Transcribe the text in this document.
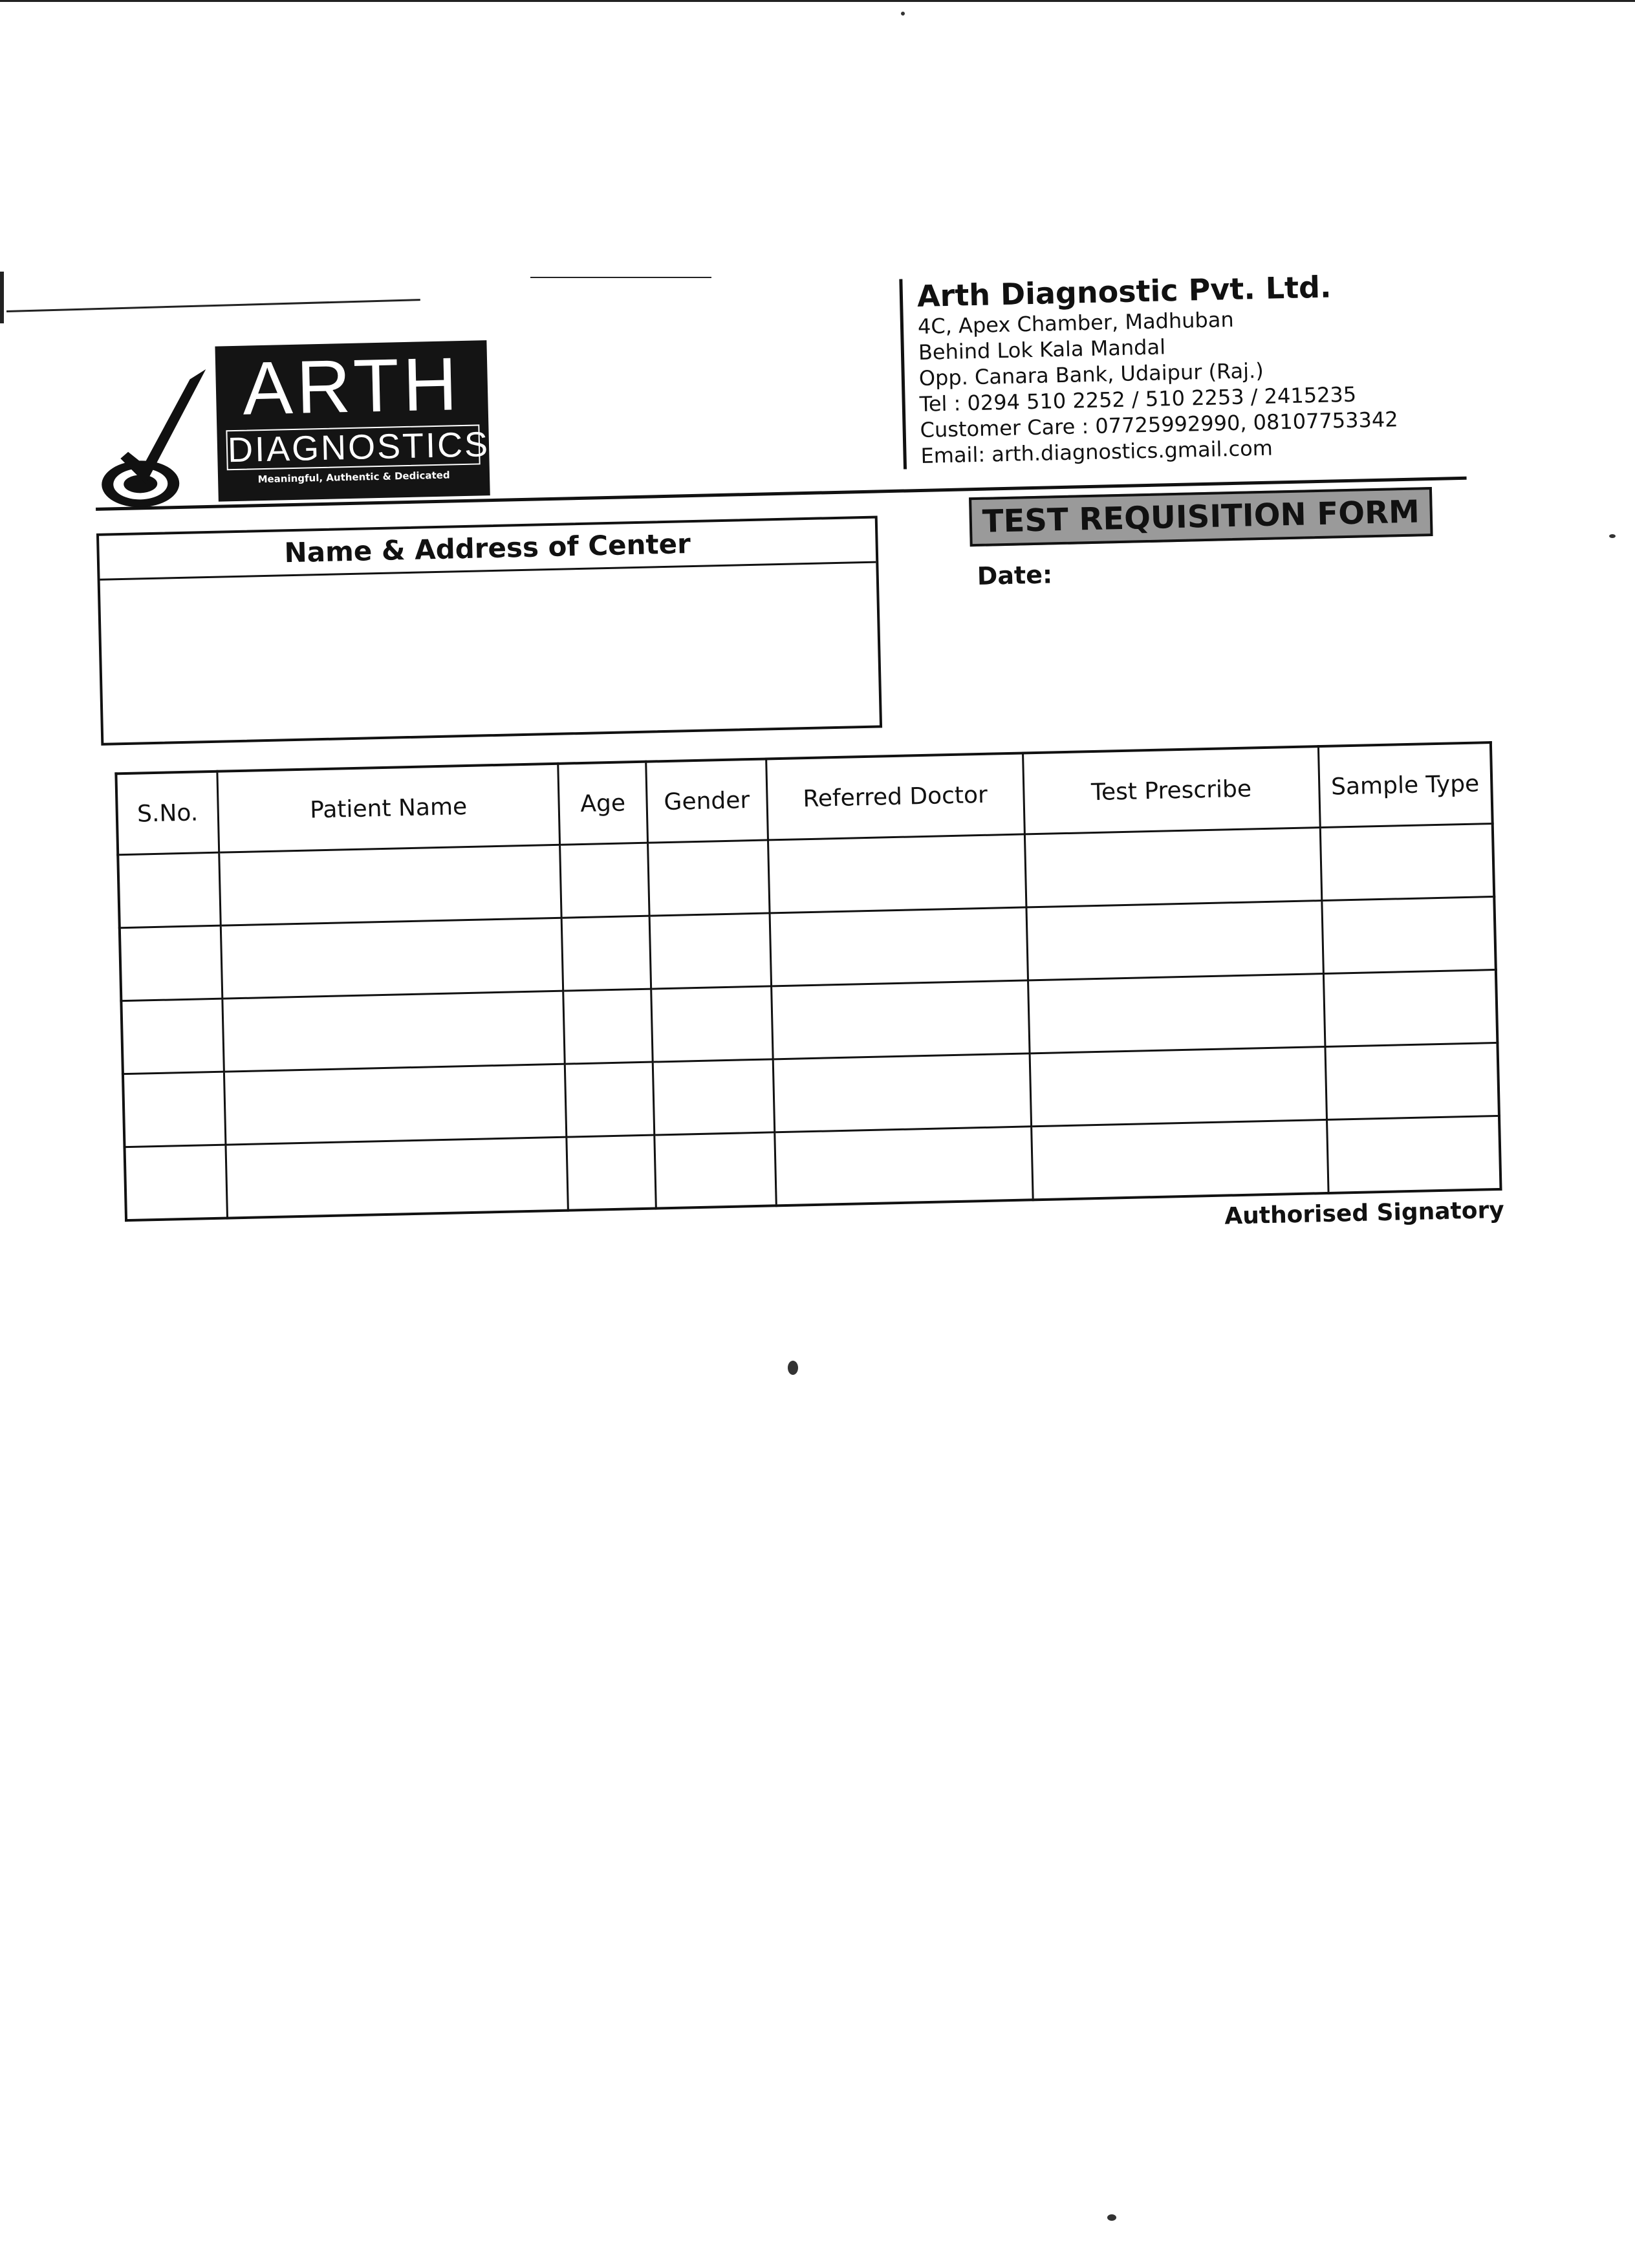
ARTH
DIAGNOSTICS
Meaningful, Authentic & Dedicated
Arth Diagnostic Pvt. Ltd.
4C, Apex Chamber, Madhuban
Behind Lok Kala Mandal
Opp. Canara Bank, Udaipur (Raj.)
Tel : 0294 510 2252 / 510 2253 / 2415235
Customer Care : 07725992990, 08107753342
Email: arth.diagnostics.gmail.com
Name & Address of Center
TEST REQUISITION FORM
Date:
S.No.	Patient Name	Age	Gender	Referred Doctor	Test Prescribe	Sample Type

Authorised Signatory
